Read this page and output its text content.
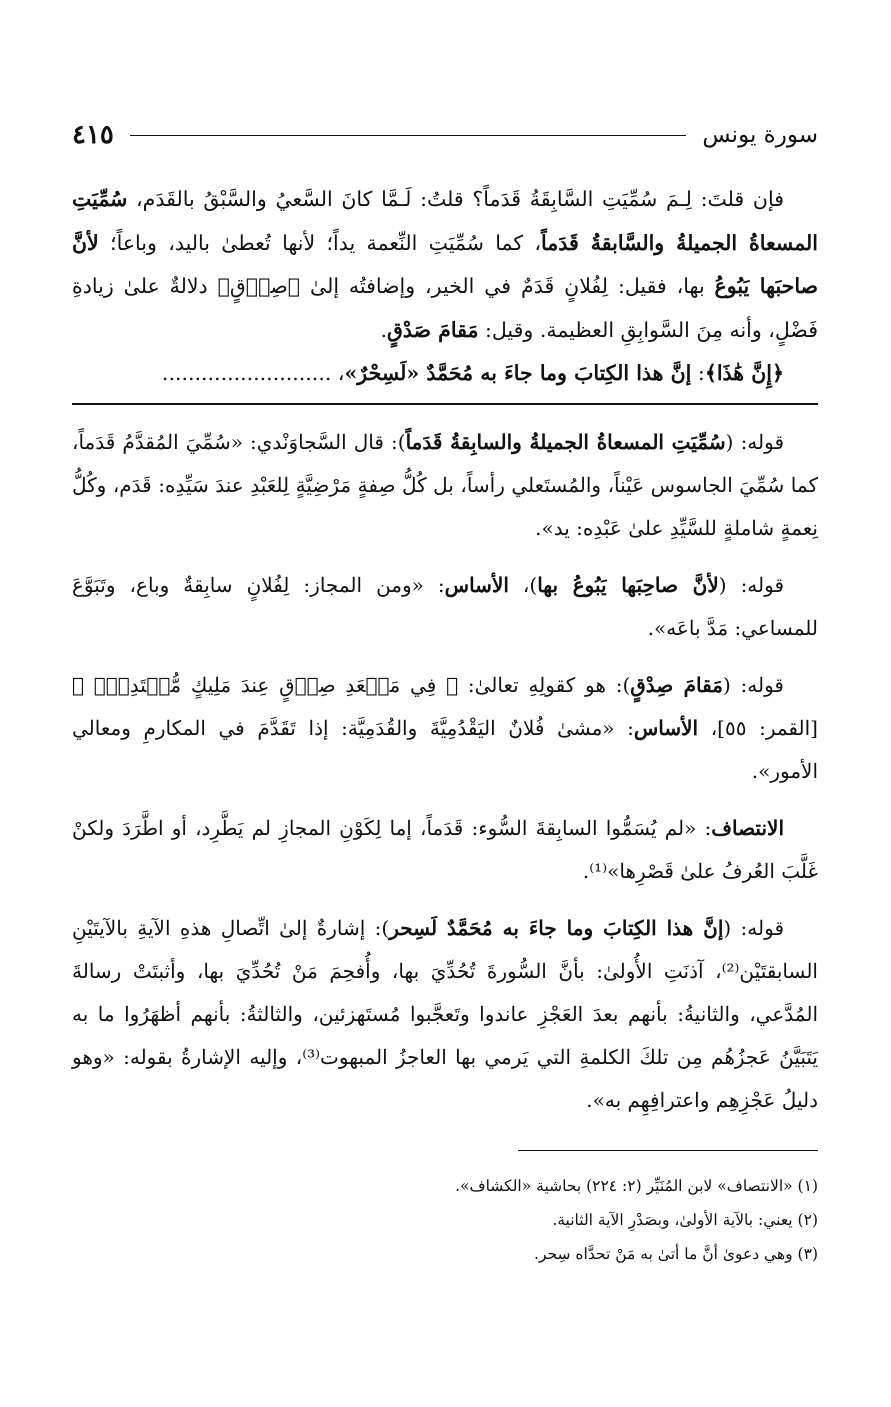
سورة يونس
٤١٥

فإن قلتَ: لِـمَ سُمِّيَتِ السَّابِقَةُ قَدَماً؟ قلتُ: لَـمَّا كانَ السَّعيُ والسَّبْقُ بالقَدَم، سُمِّيَتِ المسعاةُ الجميلةُ والسَّابقةُ قَدَماً، كما سُمِّيَتِ النِّعمة يداً؛ لأنها تُعطىٰ باليد، وباعاً؛ لأنَّ صاحبَها يَبُوعُ بها، فقيل: لِفُلانٍ قَدَمٌ في الخير، وإضافتُه إلىٰ ﴿صِدۡقٍ﴾ دلالةٌ علىٰ زيادةِ فَضْلٍ، وأنه مِنَ السَّوابِقِ العظيمة. وقيل: مَقامَ صَدْقٍ.

﴿إِنَّ هَٰذَا﴾: إنَّ هذا الكِتابَ وما جاءَ به مُحَمَّدٌ «لَسِحْرٌ»، ..........................

قوله: (سُمِّيَتِ المسعاةُ الجميلةُ والسابِقةُ قَدَماً): قال السَّجاوَنْدي: «سُمِّيَ المُقدَّمُ قَدَماً، كما سُمِّيَ الجاسوس عَيْناً، والمُستَعلي رأساً، بل كُلُّ صِفةٍ مَرْضِيَّةٍ لِلعَبْدِ عندَ سَيِّدِه: قَدَم، وكُلُّ نِعمةٍ شاملةٍ للسَّيِّدِ علىٰ عَبْدِه: يد».

قوله: (لأنَّ صاحِبَها يَبُوعُ بها)، الأساس: «ومن المجاز: لِفُلانٍ سابِقةٌ وباع، وتَبَوَّعَ للمساعي: مَدَّ باعَه».

قوله: (مَقامَ صِدْقٍ): هو كقولِهِ تعالىٰ: ﴿ فِي مَقۡعَدِ صِدۡقٍ عِندَ مَلِيكٍ مُّقۡتَدِرِۭ ﴾ [القمر: ٥٥]، الأساس: «مشىٰ فُلانٌ اليَقْدُمِيَّةَ والقُدَمِيَّة: إذا تَقَدَّمَ في المكارمِ ومعالي الأمور».

الانتصاف: «لم يُسَمُّوا السابِقةَ السُّوء: قَدَماً، إما لِكَوْنِ المجازِ لم يَطَّرِد، أو اطَّرَدَ ولكنْ غَلَّبَ العُرفُ علىٰ قَصْرِها»⁽¹⁾.

قوله: (إنَّ هذا الكِتابَ وما جاءَ به مُحَمَّدٌ لَسِحر): إشارةٌ إلىٰ اتِّصالِ هذهِ الآيةِ بالآيتَيْنِ السابقتَيْن⁽²⁾، آذنَتِ الأُولىٰ: بأنَّ السُّورةَ تُحُدِّيَ بها، وأُفحِمَ مَنْ تُحُدِّيَ بها، وأثبتَتْ رسالةَ المُدَّعي، والثانيةُ: بأنهم بعدَ العَجْزِ عاندوا وتَعجَّبوا مُستَهزئين، والثالثةُ: بأنهم أظهَرُوا ما به يَتَبَيَّنُ عَجزُهُم مِن تلكَ الكلمةِ التي يَرمي بها العاجزُ المبهوت⁽³⁾، وإليه الإشارةُ بقوله: «وهو دليلُ عَجْزِهِم واعترافِهِم به».

(١) «الانتصاف» لابن المُنَيِّر (٢: ٢٢٤) بحاشية «الكشاف».

(٢) يعني: بالآية الأولىٰ، وبصَدْرِ الآية الثانية.

(٣) وهي دعوىٰ أنَّ ما أتىٰ به مَنْ تحدَّاه سِحر.
